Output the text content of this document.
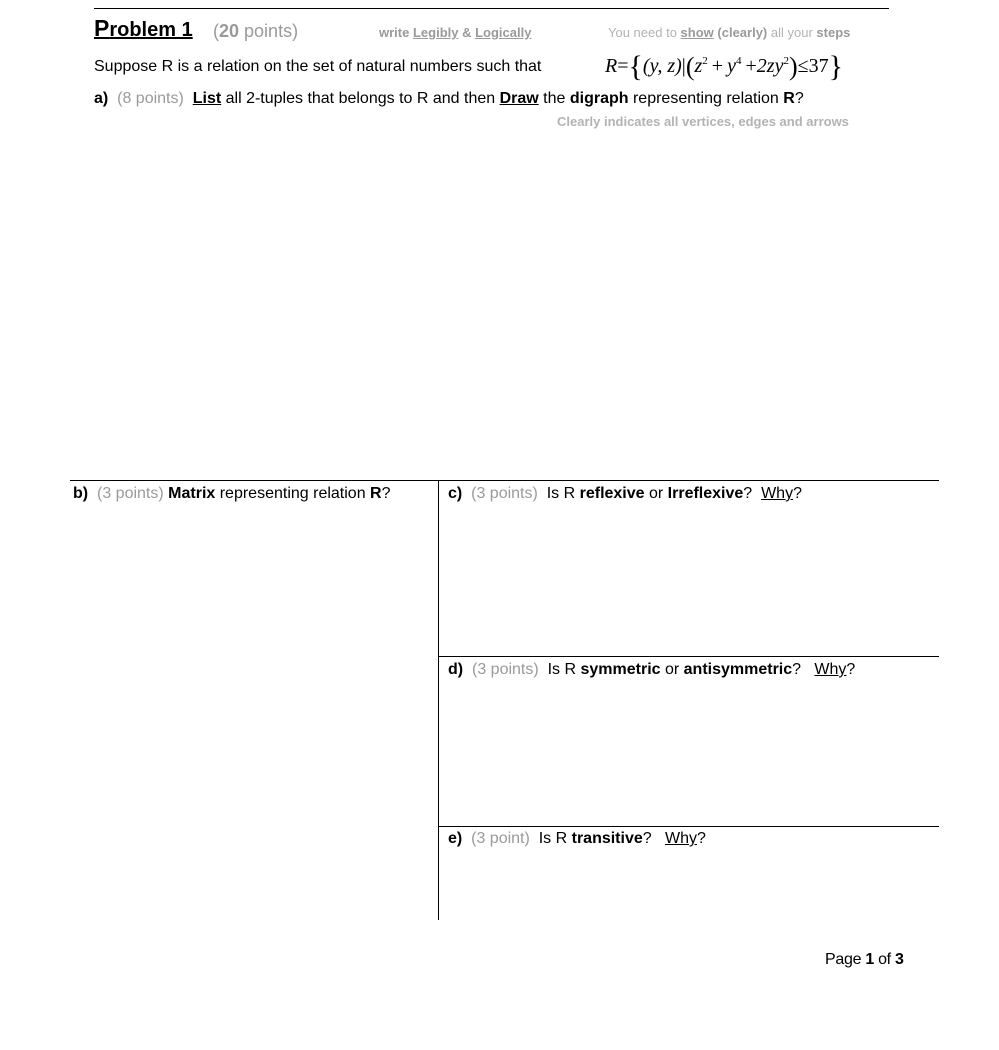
Problem 1 (20 points)	write Legibly & Logically	You need to show (clearly) all your steps
Suppose R is a relation on the set of natural numbers such that	R={(y, $z)|(z^2 + y^4 +2zy^2)\le 37$}
a) (8 points) List all 2-tuples that belongs to R and then Draw the digraph representing relation R?
Clearly indicates all vertices, edges and arrows
b) (3 points) Matrix representing relation R?	c) (3 points) Is R reflexive or Irreflexive? Why?
d) (3 points) Is R symmetric or antisymmetric? Why?
e) (3 point) Is R transitive? Why?
Page 1 of 3
